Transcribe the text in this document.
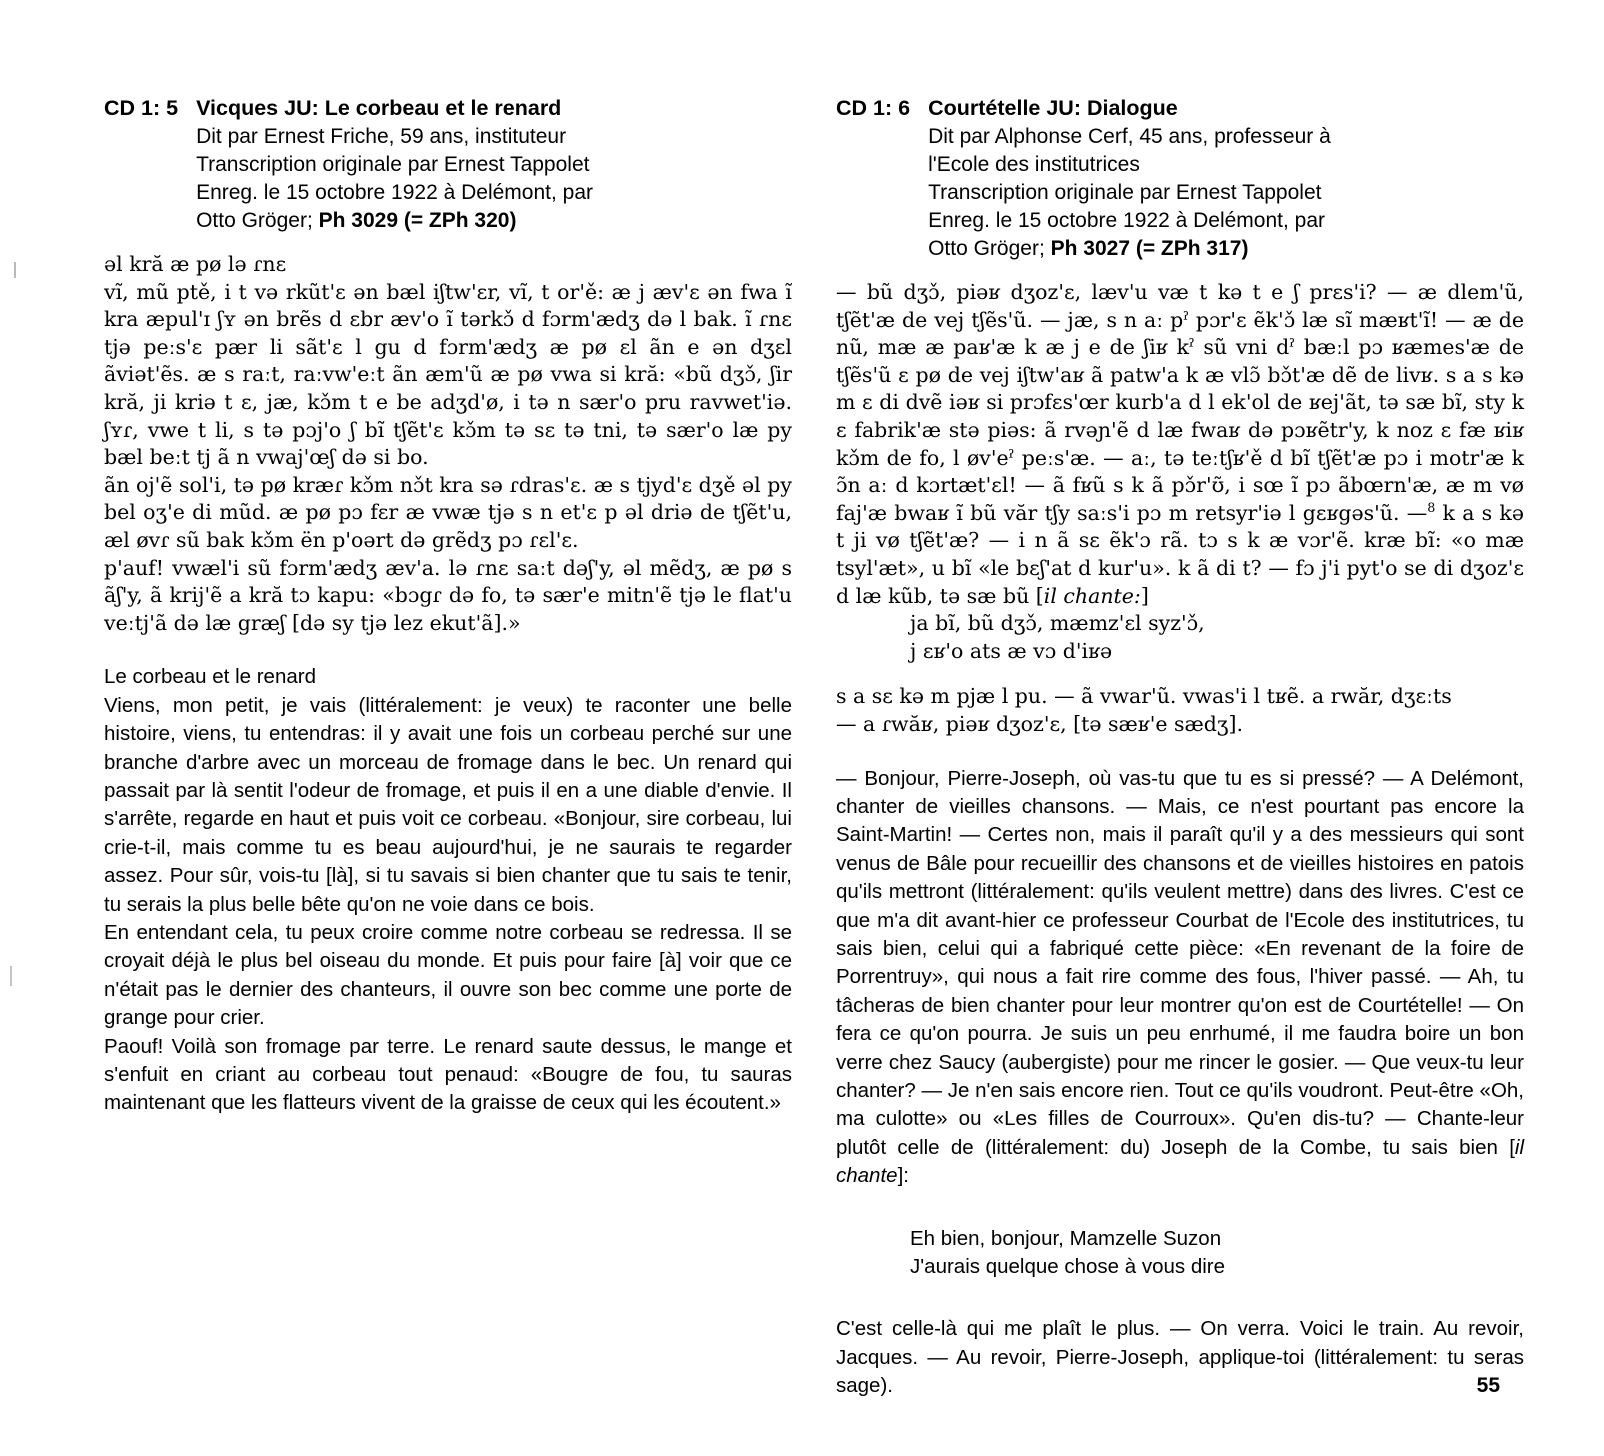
CD 1: 5 Vicques JU: Le corbeau et le renard
Dit par Ernest Friche, 59 ans, instituteur
Transcription originale par Ernest Tappolet
Enreg. le 15 octobre 1922 à Delémont, par
Otto Gröger; Ph 3029 (= ZPh 320)

əl kră æ pø lə ɾnɛ

vĩ, mũ ptě, i t və rkũt'ɛ ən bæl iʃtw'ɛr, vĩ, t or'ě: æ j æv'ɛ ən fwa ĩ kra æpul'ɪ ʃʏ ən brẽs d ɛbr æv'o ĩ tərkɔ̌ d fɔrm'ædʒ də l bak. ĩ ɾnɛ tjə peːs'ɛ pær li sãt'ɛ l gu d fɔrm'ædʒ æ pø ɛl ãn e ən dʒɛl ãviət'ẽs. æ s raːt, raːvw'eːt ãn æm'ũ æ pø vwa si kră: «bũ dʒɔ̌, ʃir kră, ji kriə t ɛ, jæ, kɔ̌m t e be adʒd'ø, i tə n sær'o pru ravwet'iə. ʃʏɾ, vwe t li, s tə pɔj'o ʃ bĩ tʃẽt'ɛ kɔ̌m tə sɛ tə tni, tə sær'o læ py bæl beːt tj ã n vwaj'œʃ də si bo.

ãn oj'ẽ sol'i, tə pø kræɾ kɔ̌m nɔ̌t kra sə ɾdras'ɛ. æ s tjyd'ɛ dʒě əl py bel oʒ'e di mũd. æ pø pɔ fɛr æ vwæ tjə s n et'ɛ p əl driə de tʃẽt'u, æl øvɾ sũ bak kɔ̌m ën p'oərt də grẽdʒ pɔ ɾɛl'ɛ.

p'auf! vwæl'i sũ fɔrm'ædʒ æv'a. lə ɾnɛ saːt dəʃ'y, əl mẽdʒ, æ pø s ãʃ'y, ã krij'ẽ a kră tɔ kapu: «bɔgɾ də fo, tə sær'e mitn'ẽ tjə le flat'u veːtj'ã də læ græʃ [də sy tjə lez ekut'ã].»

Le corbeau et le renard

Viens, mon petit, je vais (littéralement: je veux) te raconter une belle histoire, viens, tu entendras: il y avait une fois un corbeau perché sur une branche d'arbre avec un morceau de fromage dans le bec. Un renard qui passait par là sentit l'odeur de fromage, et puis il en a une diable d'envie. Il s'arrête, regarde en haut et puis voit ce corbeau. «Bonjour, sire corbeau, lui crie-t-il, mais comme tu es beau aujourd'hui, je ne saurais te regarder assez. Pour sûr, vois-tu [là], si tu savais si bien chanter que tu sais te tenir, tu serais la plus belle bête qu'on ne voie dans ce bois.

En entendant cela, tu peux croire comme notre corbeau se redressa. Il se croyait déjà le plus bel oiseau du monde. Et puis pour faire [à] voir que ce n'était pas le dernier des chanteurs, il ouvre son bec comme une porte de grange pour crier.

Paouf! Voilà son fromage par terre. Le renard saute dessus, le mange et s'enfuit en criant au corbeau tout penaud: «Bougre de fou, tu sauras maintenant que les flatteurs vivent de la graisse de ceux qui les écoutent.»

CD 1: 6 Courtételle JU: Dialogue
Dit par Alphonse Cerf, 45 ans, professeur à
l'Ecole des institutrices
Transcription originale par Ernest Tappolet
Enreg. le 15 octobre 1922 à Delémont, par
Otto Gröger; Ph 3027 (= ZPh 317)

— bũ dʒɔ̌, piəʁ dʒoz'ɛ, læv'u væ t kə t e ʃ prɛs'i? — æ dlem'ũ, tʃẽt'æ de vej tʃẽs'ũ. — jæ, s n aː pˀ pɔr'ɛ ẽk'ɔ̌ læ sĩ mæʁt'ĩ! — æ de nũ, mæ æ paʁ'æ k æ j e de ʃiʁ kˀ sũ vni dˀ bæːl pɔ ʁæmes'æ de tʃẽs'ũ ɛ pø de vej iʃtw'aʁ ã patw'a k æ vlɔ̃ bɔ̌t'æ dẽ de livʁ. s a s kə m ɛ di dvẽ iəʁ si prɔfɛs'œr kurb'a d l ek'ol de ʁej'ãt, tə sæ bĩ, sty k ɛ fabrik'æ stə piəs: ã rvəɲ'ẽ d læ fwaʁ də pɔʁẽtr'y, k noz ɛ fæ ʁiʁ kɔ̌m de fo, l øv'eˀ peːs'æ. — aː, tə teːtʃʁ'ě d bĩ tʃẽt'æ pɔ i motr'æ k ɔ̃n aː d kɔrtæt'ɛl! — ã fʁũ s k ã pɔ̌r'ʊ̃, i sœ ĩ pɔ ãbœrn'æ, æ m vø faj'æ bwaʁ ĩ bũ văr tʃy saːs'i pɔ m retsyr'iə l gɛʁgəs'ũ. —$^8$ k a s kə t ji vø tʃẽt'æ? — i n ã sɛ ẽk'ɔ rã. tɔ s k æ vɔr'ẽ. kræ bĩ: «o mæ tsyl'æt», u bĩ «le bɛʃ'at d kur'u». k ã di t? — fɔ j'i pyt'o se di dʒoz'ɛ d læ kũb, tə sæ bũ [il chante:]

ja bĩ, bũ dʒɔ̌, mæmz'ɛl syz'ɔ̌,

j ɛʁ'o ats æ vɔ d'iʁə

s a sɛ kə m pjæ l pu. — ã vwar'ũ. vwas'i l tʁẽ. a rwăr, dʒɛːts

— a ɾwăʁ, piəʁ dʒoz'ɛ, [tə sæʁ'e sædʒ].

— Bonjour, Pierre-Joseph, où vas-tu que tu es si pressé? — A Delémont, chanter de vieilles chansons. — Mais, ce n'est pourtant pas encore la Saint-Martin! — Certes non, mais il paraît qu'il y a des messieurs qui sont venus de Bâle pour recueillir des chansons et de vieilles histoires en patois qu'ils mettront (littéralement: qu'ils veulent mettre) dans des livres. C'est ce que m'a dit avant-hier ce professeur Courbat de l'Ecole des institutrices, tu sais bien, celui qui a fabriqué cette pièce: «En revenant de la foire de Porrentruy», qui nous a fait rire comme des fous, l'hiver passé. — Ah, tu tâcheras de bien chanter pour leur montrer qu'on est de Courtételle! — On fera ce qu'on pourra. Je suis un peu enrhumé, il me faudra boire un bon verre chez Saucy (aubergiste) pour me rincer le gosier. — Que veux-tu leur chanter? — Je n'en sais encore rien. Tout ce qu'ils voudront. Peut-être «Oh, ma culotte» ou «Les filles de Courroux». Qu'en dis-tu? — Chante-leur plutôt celle de (littéralement: du) Joseph de la Combe, tu sais bien [il chante]:

Eh bien, bonjour, Mamzelle Suzon

J'aurais quelque chose à vous dire

C'est celle-là qui me plaît le plus. — On verra. Voici le train. Au revoir, Jacques. — Au revoir, Pierre-Joseph, applique-toi (littéralement: tu seras sage).	55
